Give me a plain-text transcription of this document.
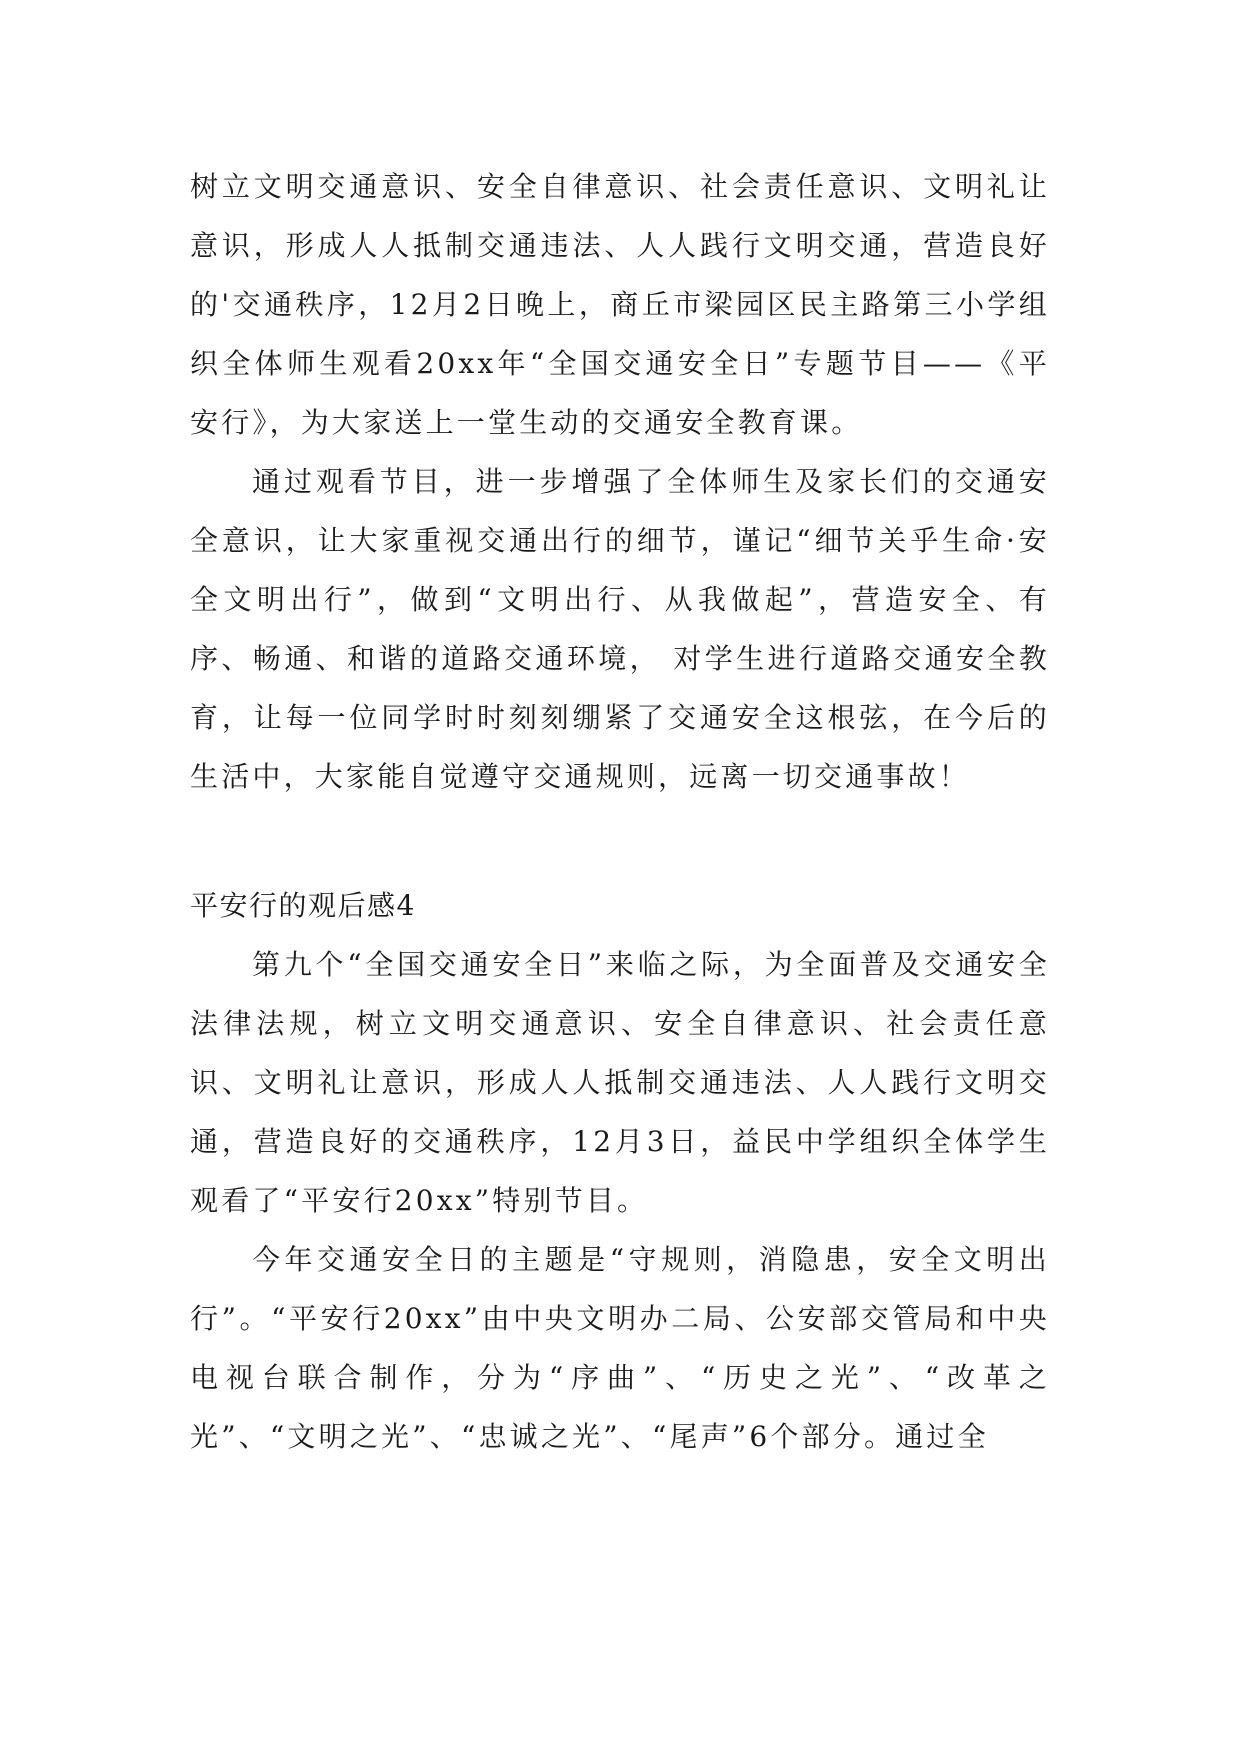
树立文明交通意识、安全自律意识、社会责任意识、文明礼让意识，形成人人抵制交通违法、人人践行文明交通，营造良好的'交通秩序，12月2日晚上，商丘市梁园区民主路第三小学组织全体师生观看20xx年“全国交通安全日”专题节目——《平安行》，为大家送上一堂生动的交通安全教育课。

通过观看节目，进一步增强了全体师生及家长们的交通安全意识，让大家重视交通出行的细节，谨记“细节关乎生命·安全文明出行”，做到“文明出行、从我做起”，营造安全、有序、畅通、和谐的道路交通环境， 对学生进行道路交通安全教育，让每一位同学时时刻刻绷紧了交通安全这根弦，在今后的生活中，大家能自觉遵守交通规则，远离一切交通事故！

平安行的观后感4

第九个“全国交通安全日”来临之际，为全面普及交通安全法律法规，树立文明交通意识、安全自律意识、社会责任意识、文明礼让意识，形成人人抵制交通违法、人人践行文明交通，营造良好的交通秩序，12月3日，益民中学组织全体学生观看了“平安行20xx”特别节目。

今年交通安全日的主题是“守规则，消隐患，安全文明出行”。“平安行20xx”由中央文明办二局、公安部交管局和中央电视台联合制作，分为“序曲”、“历史之光”、“改革之光”、“文明之光”、“忠诚之光”、“尾声”6个部分。通过全
